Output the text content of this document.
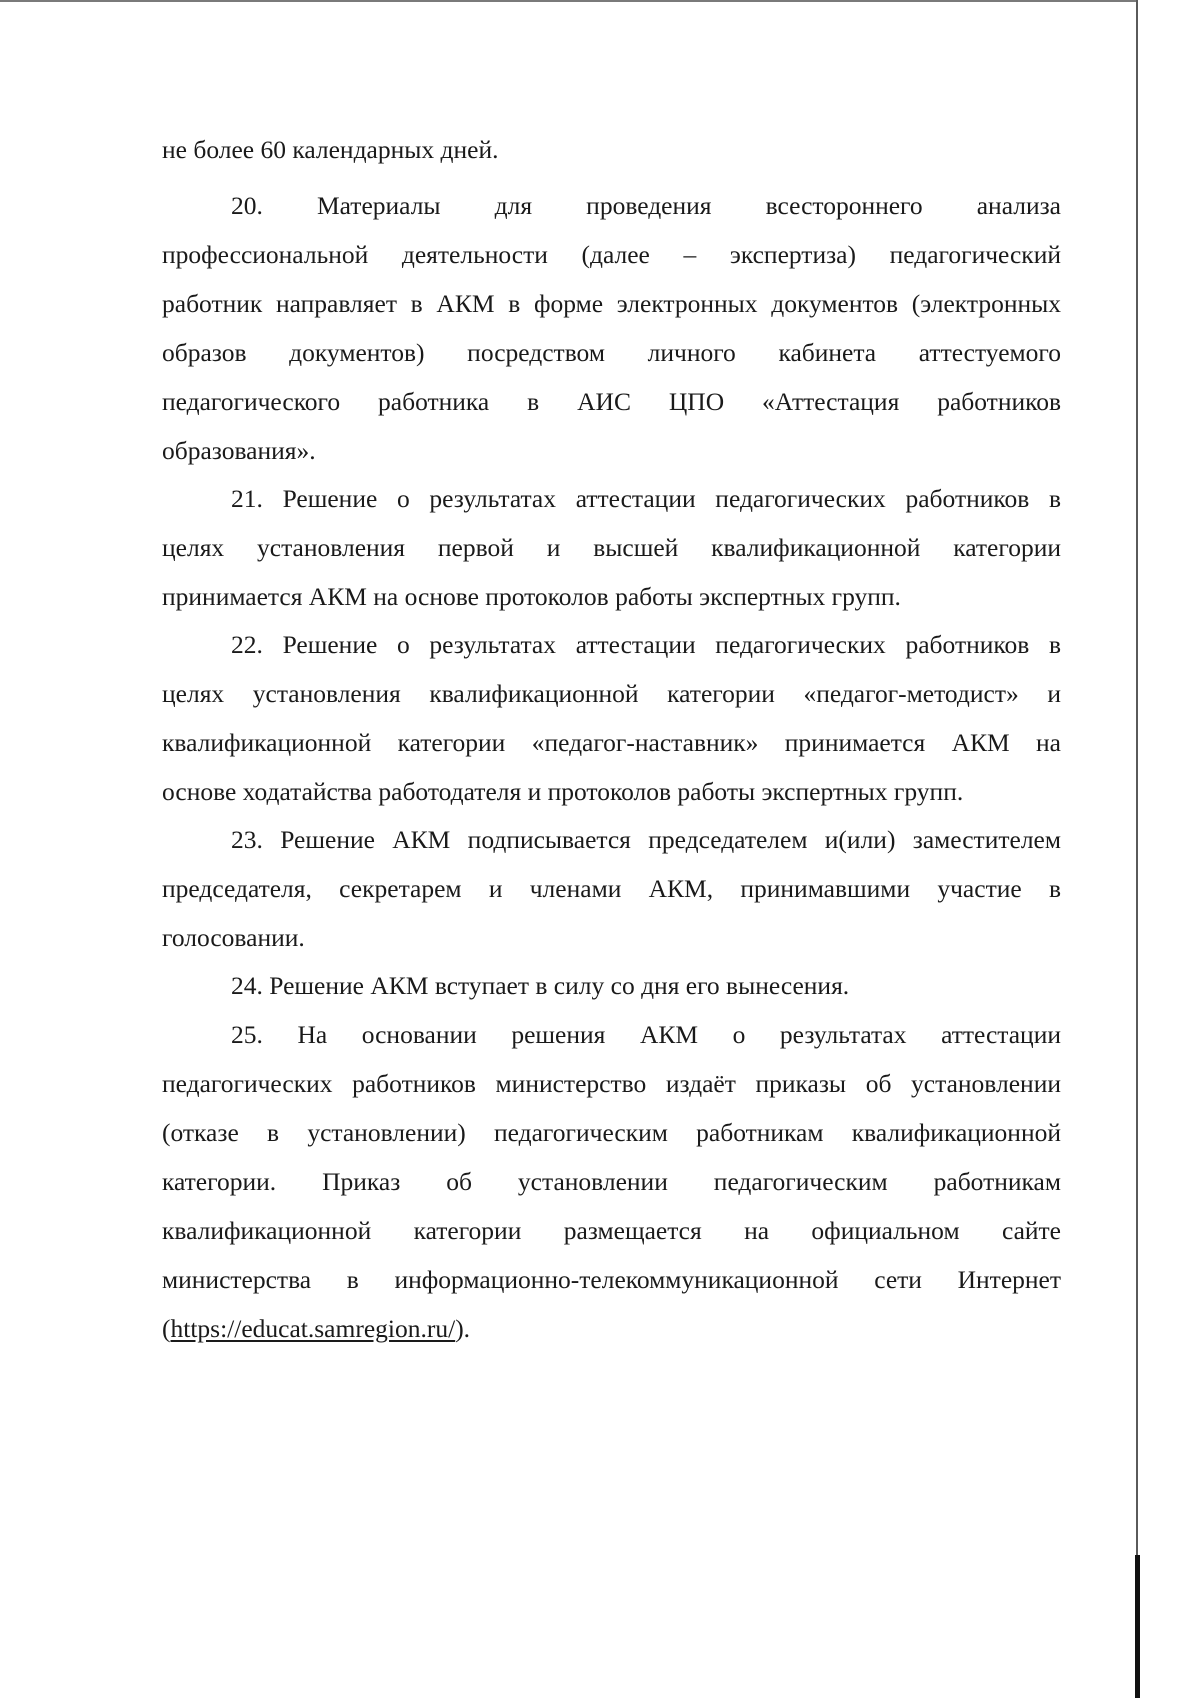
не более 60 календарных дней.
20. Материалы для проведения всестороннего анализа
профессиональной деятельности (далее – экспертиза) педагогический
работник направляет в АКМ в форме электронных документов (электронных
образов документов) посредством личного кабинета аттестуемого
педагогического работника в АИС ЦПО «Аттестация работников
образования».
21. Решение о результатах аттестации педагогических работников в
целях установления первой и высшей квалификационной категории
принимается АКМ на основе протоколов работы экспертных групп.
22. Решение о результатах аттестации педагогических работников в
целях установления квалификационной категории «педагог-методист» и
квалификационной категории «педагог-наставник» принимается АКМ на
основе ходатайства работодателя и протоколов работы экспертных групп.
23. Решение АКМ подписывается председателем и(или) заместителем
председателя, секретарем и членами АКМ, принимавшими участие в
голосовании.
24. Решение АКМ вступает в силу со дня его вынесения.
25. На основании решения АКМ о результатах аттестации
педагогических работников министерство издаёт приказы об установлении
(отказе в установлении) педагогическим работникам квалификационной
категории. Приказ об установлении педагогическим работникам
квалификационной категории размещается на официальном сайте
министерства в информационно-телекоммуникационной сети Интернет
(https://educat.samregion.ru/).
